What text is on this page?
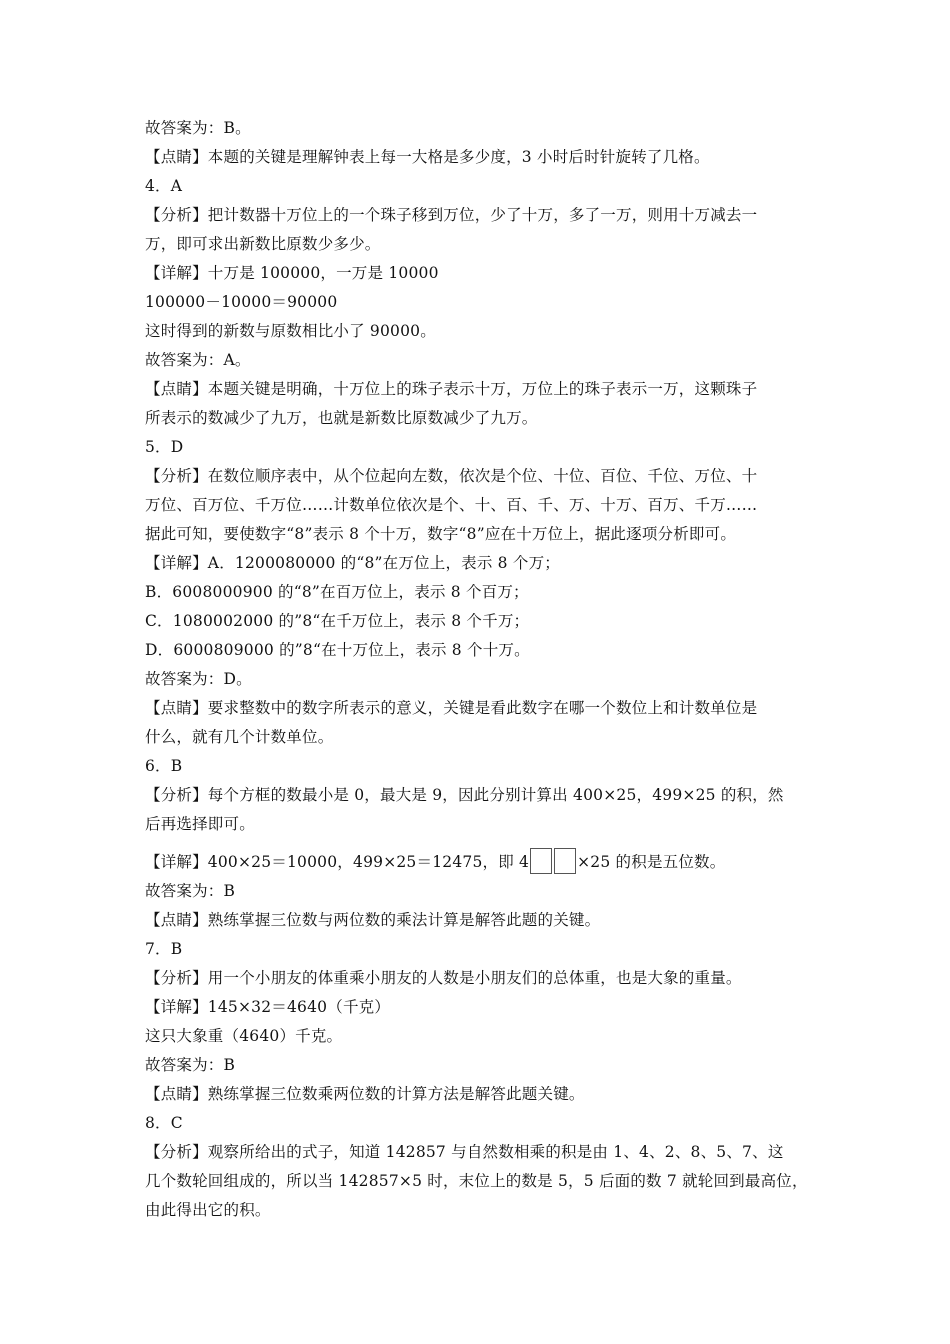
故答案为：B。
【点睛】本题的关键是理解钟表上每一大格是多少度，3 小时后时针旋转了几格。
4．A
【分析】把计数器十万位上的一个珠子移到万位，少了十万，多了一万，则用十万减去一
万，即可求出新数比原数少多少。
【详解】十万是 100000，一万是 10000
100000－10000＝90000
这时得到的新数与原数相比小了 90000。
故答案为：A。
【点睛】本题关键是明确，十万位上的珠子表示十万，万位上的珠子表示一万，这颗珠子
所表示的数减少了九万，也就是新数比原数减少了九万。
5．D
【分析】在数位顺序表中，从个位起向左数，依次是个位、十位、百位、千位、万位、十
万位、百万位、千万位……计数单位依次是个、十、百、千、万、十万、百万、千万……
据此可知，要使数字“8”表示 8 个十万，数字“8”应在十万位上，据此逐项分析即可。
【详解】A．1200080000 的“8”在万位上，表示 8 个万；
B．6008000900 的“8”在百万位上，表示 8 个百万；
C．1080002000 的”8“在千万位上，表示 8 个千万；
D．6000809000 的”8“在十万位上，表示 8 个十万。
故答案为：D。
【点睛】要求整数中的数字所表示的意义，关键是看此数字在哪一个数位上和计数单位是
什么，就有几个计数单位。
6．B
【分析】每个方框的数最小是 0，最大是 9，因此分别计算出 400×25，499×25 的积，然
后再选择即可。
【详解】400×25＝10000，499×25＝12475，即 4	×25 的积是五位数。
故答案为：B
【点睛】熟练掌握三位数与两位数的乘法计算是解答此题的关键。
7．B
【分析】用一个小朋友的体重乘小朋友的人数是小朋友们的总体重，也是大象的重量。
【详解】145×32＝4640（千克）
这只大象重（4640）千克。
故答案为：B
【点睛】熟练掌握三位数乘两位数的计算方法是解答此题关键。
8．C
【分析】观察所给出的式子，知道 142857 与自然数相乘的积是由 1、4、2、8、5、7、这
几个数轮回组成的，所以当 142857×5 时，末位上的数是 5，5 后面的数 7 就轮回到最高位，
由此得出它的积。
